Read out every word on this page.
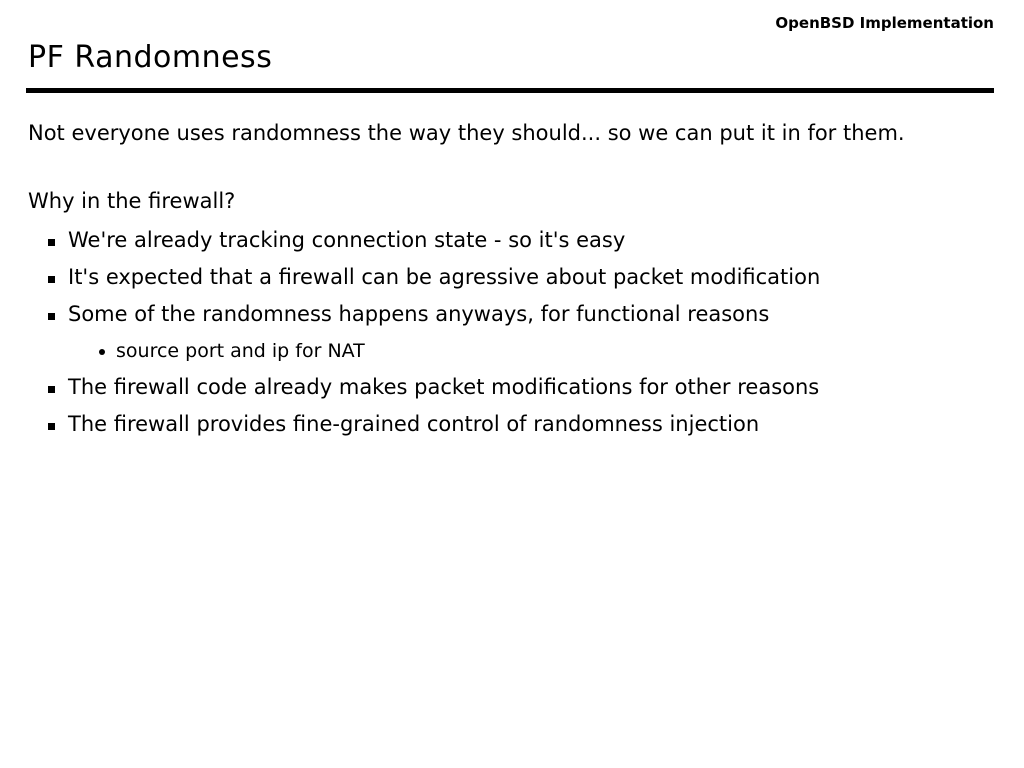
OpenBSD Implementation
PF Randomness

Not everyone uses randomness the way they should... so we can put it in for them.

Why in the firewall?

We're already tracking connection state - so it's easy
It's expected that a firewall can be agressive about packet modification
Some of the randomness happens anyways, for functional reasons
source port and ip for NAT
The firewall code already makes packet modifications for other reasons
The firewall provides fine-grained control of randomness injection
